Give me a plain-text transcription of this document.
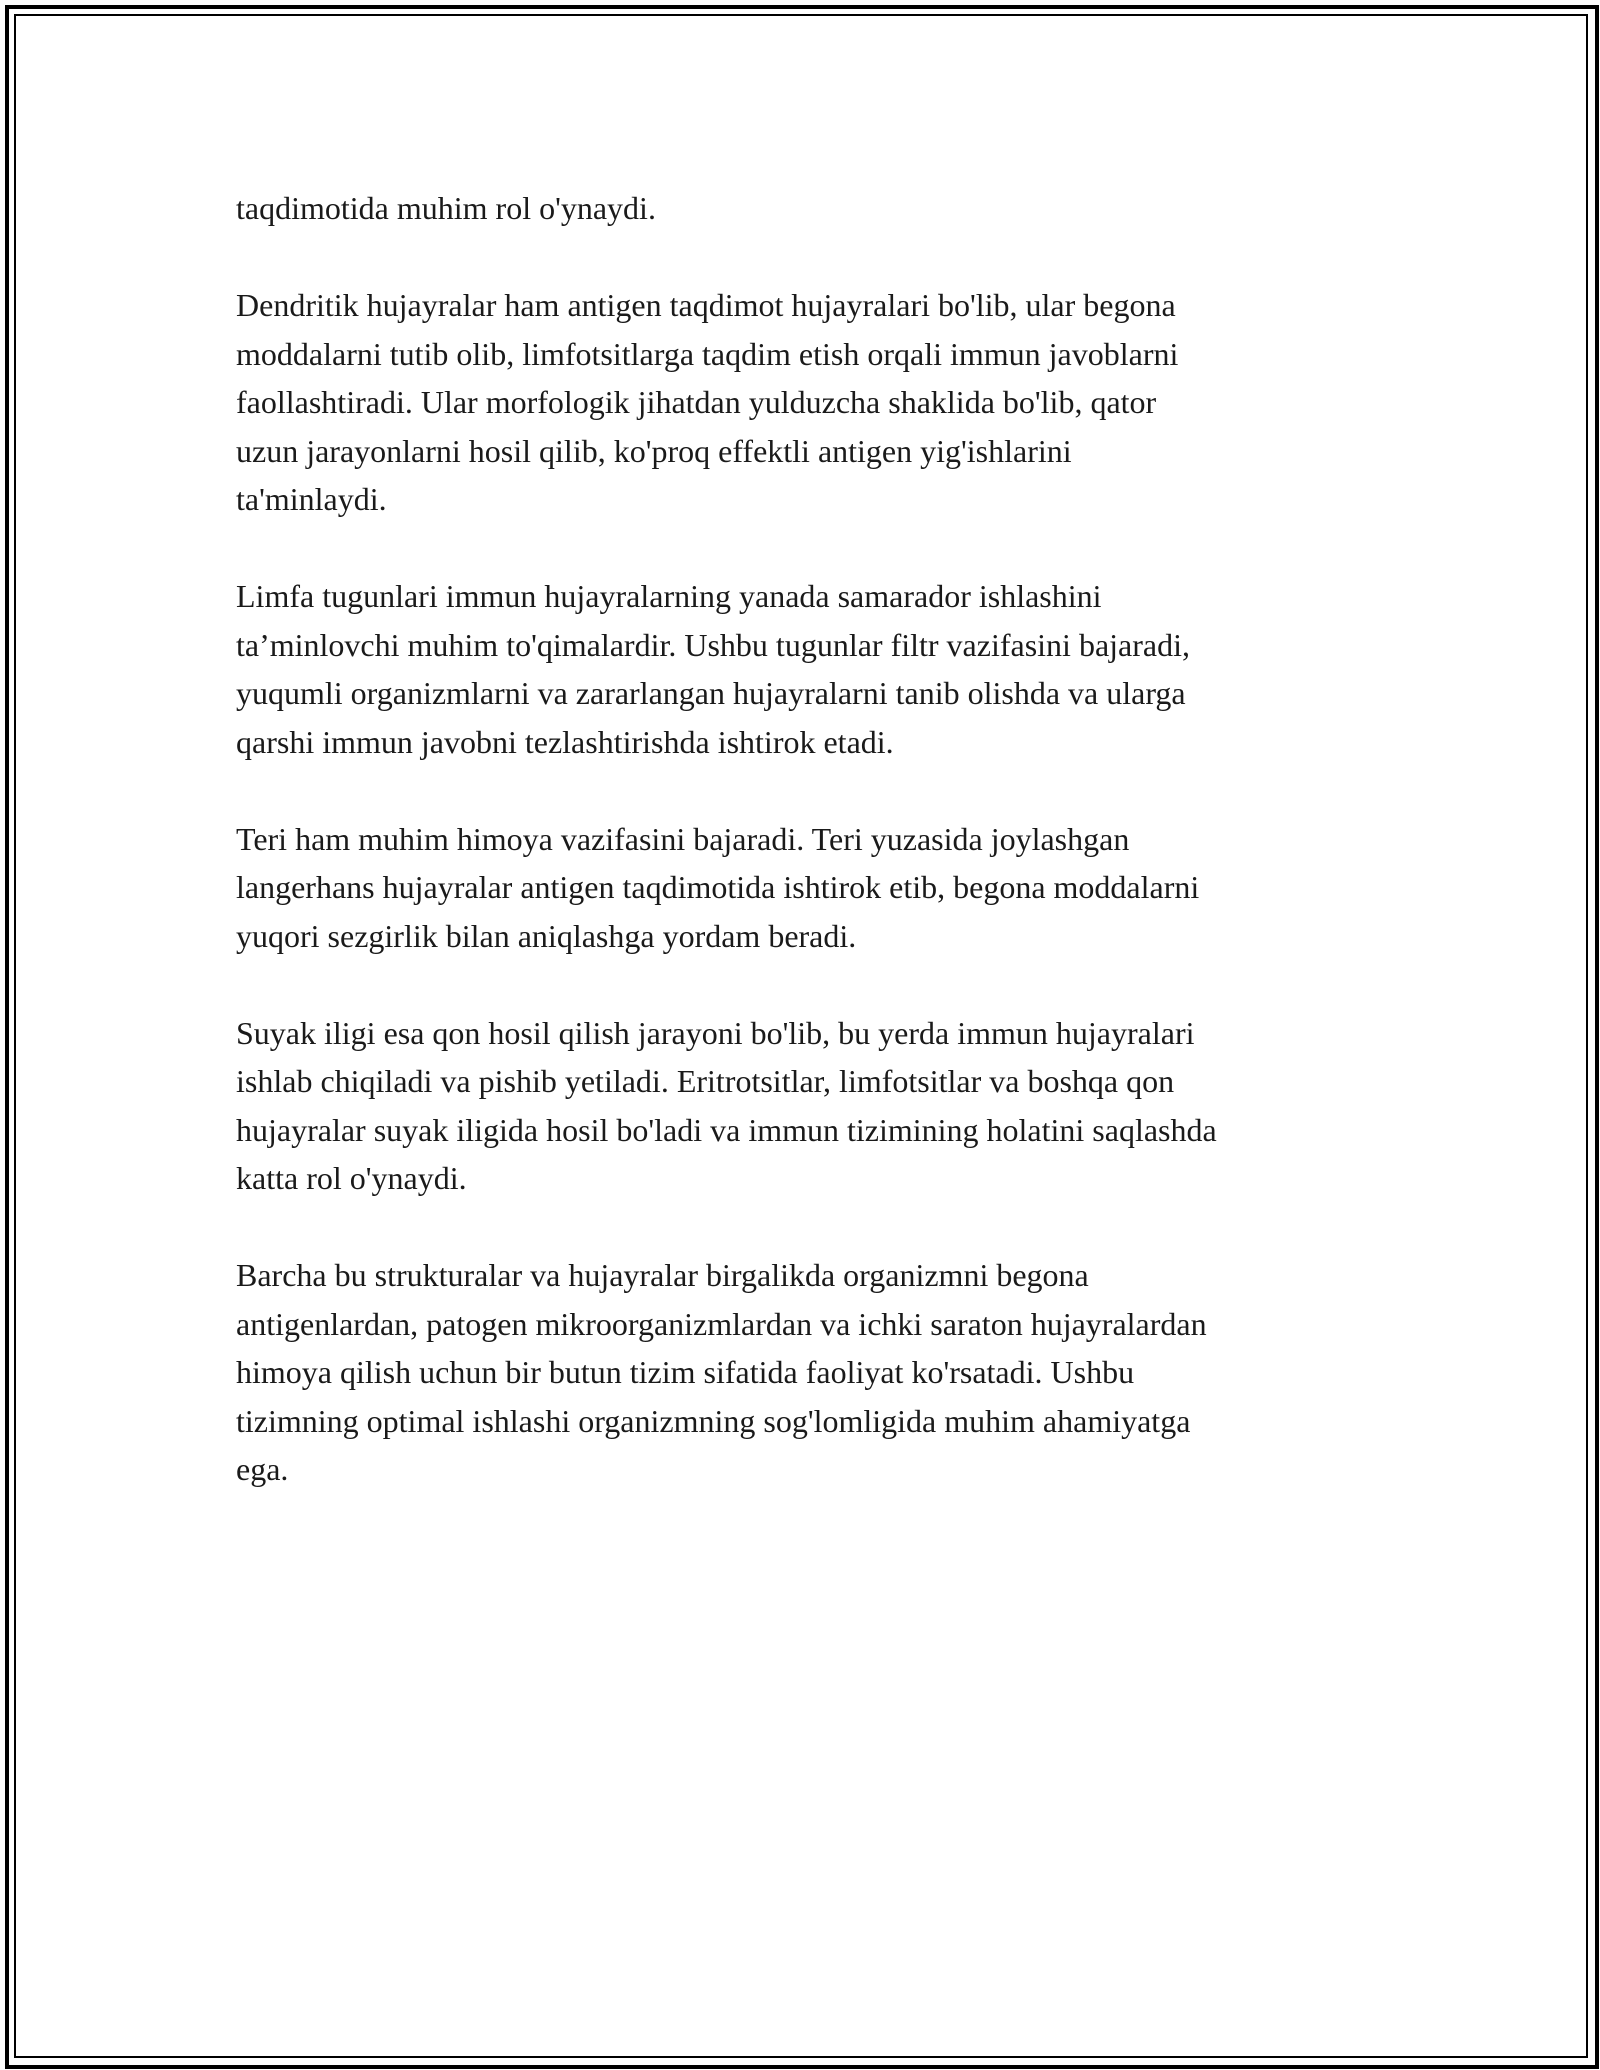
taqdimotida muhim rol o'ynaydi.

Dendritik hujayralar ham antigen taqdimot hujayralari bo'lib, ular begona
moddalarni tutib olib, limfotsitlarga taqdim etish orqali immun javoblarni
faollashtiradi. Ular morfologik jihatdan yulduzcha shaklida bo'lib, qator
uzun jarayonlarni hosil qilib, ko'proq effektli antigen yig'ishlarini
ta'minlaydi.

Limfa tugunlari immun hujayralarning yanada samarador ishlashini
ta’minlovchi muhim to'qimalardir. Ushbu tugunlar filtr vazifasini bajaradi,
yuqumli organizmlarni va zararlangan hujayralarni tanib olishda va ularga
qarshi immun javobni tezlashtirishda ishtirok etadi.

Teri ham muhim himoya vazifasini bajaradi. Teri yuzasida joylashgan
langerhans hujayralar antigen taqdimotida ishtirok etib, begona moddalarni
yuqori sezgirlik bilan aniqlashga yordam beradi.

Suyak iligi esa qon hosil qilish jarayoni bo'lib, bu yerda immun hujayralari
ishlab chiqiladi va pishib yetiladi. Eritrotsitlar, limfotsitlar va boshqa qon
hujayralar suyak iligida hosil bo'ladi va immun tizimining holatini saqlashda
katta rol o'ynaydi.

Barcha bu strukturalar va hujayralar birgalikda organizmni begona
antigenlardan, patogen mikroorganizmlardan va ichki saraton hujayralardan
himoya qilish uchun bir butun tizim sifatida faoliyat ko'rsatadi. Ushbu
tizimning optimal ishlashi organizmning sog'lomligida muhim ahamiyatga
ega.
